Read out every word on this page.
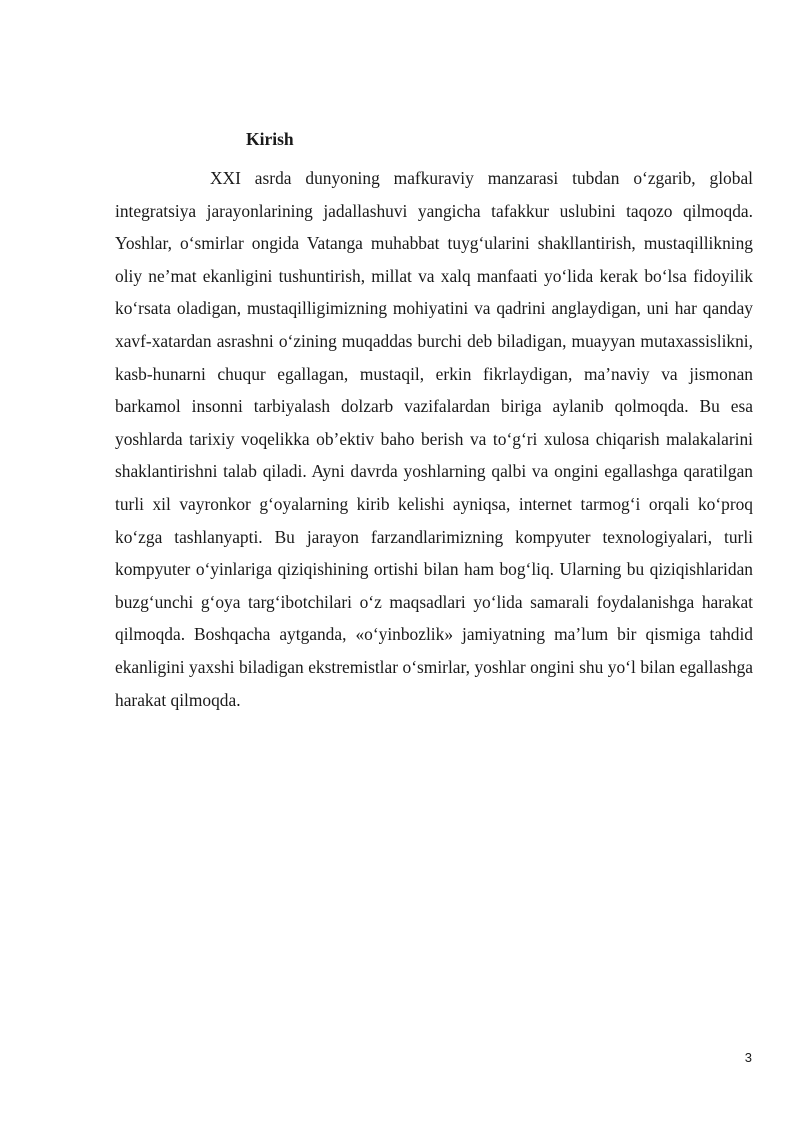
Kirish

XXI asrda dunyoning mafkuraviy manzarasi tubdan o‘zgarib, global integratsiya jarayonlarining jadallashuvi yangicha tafakkur uslubini taqozo qilmoqda. Yoshlar, o‘smirlar ongida Vatanga muhabbat tuyg‘ularini shakllantirish, mustaqillikning oliy ne’mat ekanligini tushuntirish, millat va xalq manfaati yo‘lida kerak bo‘lsa fidoyilik ko‘rsata oladigan, mustaqilligimizning mohiyatini va qadrini anglaydigan, uni har qanday xavf-xatardan asrashni o‘zining muqaddas burchi deb biladigan, muayyan mutaxassislikni, kasb-hunarni chuqur egallagan, mustaqil, erkin fikrlaydigan, ma’naviy va jismonan barkamol insonni tarbiyalash dolzarb vazifalardan biriga aylanib qolmoqda. Bu esa yoshlarda tarixiy voqelikka ob’ektiv baho berish va to‘g‘ri xulosa chiqarish malakalarini shaklantirishni talab qiladi. Ayni davrda yoshlarning qalbi va ongini egallashga qaratilgan turli xil vayronkor g‘oyalarning kirib kelishi ayniqsa, internet tarmog‘i orqali ko‘proq ko‘zga tashlanyapti. Bu jarayon farzandlarimizning kompyuter texnologiyalari, turli kompyuter o‘yinlariga qiziqishining ortishi bilan ham bog‘liq. Ularning bu qiziqishlaridan buzg‘unchi g‘oya targ‘ibotchilari o‘z maqsadlari yo‘lida samarali foydalanishga harakat qilmoqda. Boshqacha aytganda, «o‘yinbozlik» jamiyatning ma’lum bir qismiga tahdid ekanligini yaxshi biladigan ekstremistlar o‘smirlar, yoshlar ongini shu yo‘l bilan egallashga harakat qilmoqda.

3
